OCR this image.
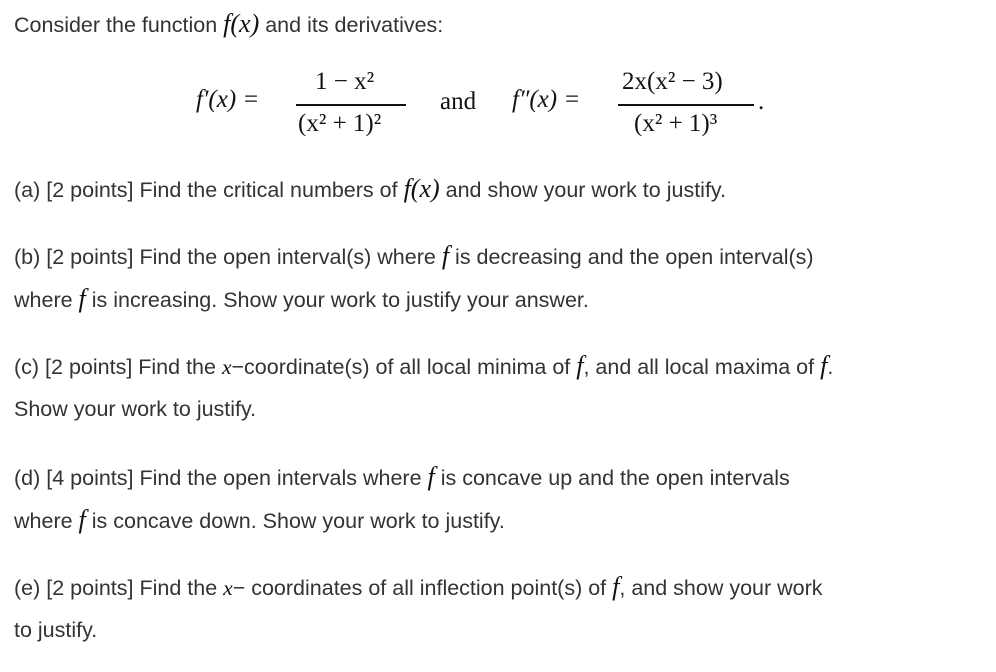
Consider the function f(x) and its derivatives:
f′(x) =
1 − x²
(x² + 1)²
and f″(x) =
2x(x² − 3)
(x² + 1)³
.
(a) [2 points] Find the critical numbers of f(x) and show your work to justify.
(b) [2 points] Find the open interval(s) where f is decreasing and the open interval(s)
where f is increasing. Show your work to justify your answer.
(c) [2 points] Find the x−coordinate(s) of all local minima of f, and all local maxima of f.
Show your work to justify.
(d) [4 points] Find the open intervals where f is concave up and the open intervals
where f is concave down. Show your work to justify.
(e) [2 points] Find the x− coordinates of all inflection point(s) of f, and show your work
to justify.
